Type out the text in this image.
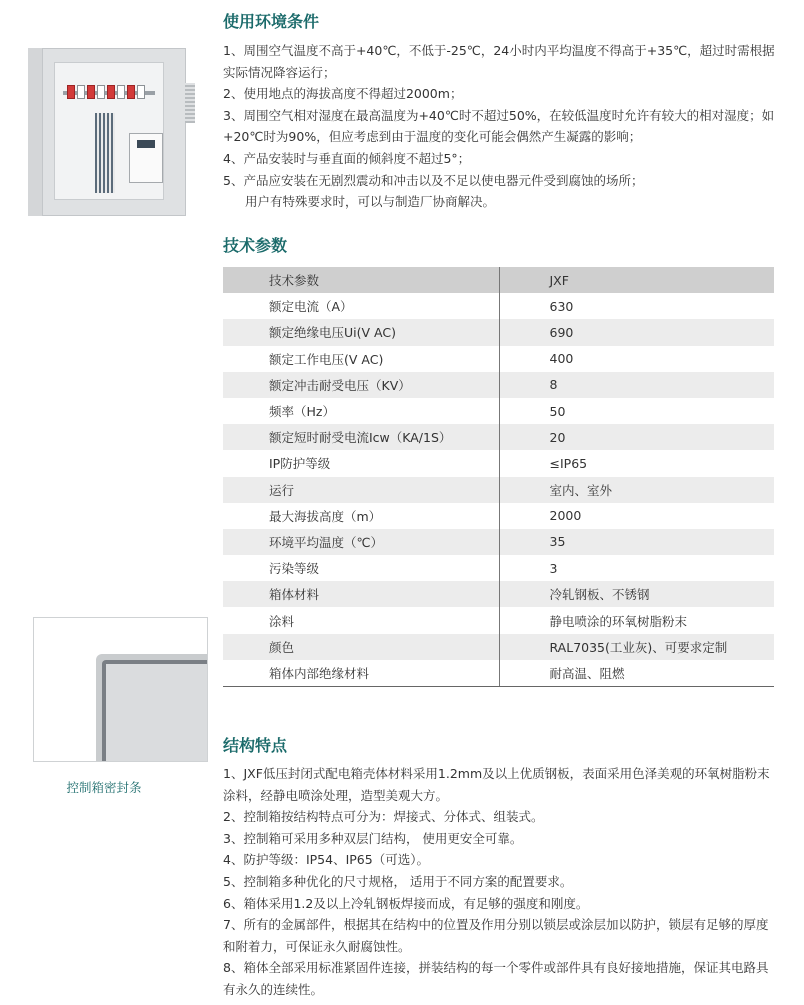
控制箱密封条
使用环境条件

1、周围空气温度不高于+40℃，不低于-25℃，24小时内平均温度不得高于+35℃，超过时需根据实际情况降容运行；

2、使用地点的海拔高度不得超过2000m；

3、周围空气相对湿度在最高温度为+40℃时不超过50%，在较低温度时允许有较大的相对湿度；如+20℃时为90%，但应考虑到由于温度的变化可能会偶然产生凝露的影响；

4、产品安装时与垂直面的倾斜度不超过5°；

5、产品应安装在无剧烈震动和冲击以及不足以使电器元件受到腐蚀的场所；

用户有特殊要求时，可以与制造厂协商解决。

技术参数
技术参数	JXF
额定电流（A）	630
额定绝缘电压Ui(V AC)	690
额定工作电压(V AC)	400
额定冲击耐受电压（KV）	8
频率（Hz）	50
额定短时耐受电流Icw（KA/1S）	20
IP防护等级	≤IP65
运行	室内、室外
最大海拔高度（m）	2000
环境平均温度（℃）	35
污染等级	3
箱体材料	冷轧钢板、不锈钢
涂料	静电喷涂的环氧树脂粉末
颜色	RAL7035(工业灰)、可要求定制
箱体内部绝缘材料	耐高温、阻燃
结构特点

1、JXF低压封闭式配电箱壳体材料采用1.2mm及以上优质钢板，表面采用色泽美观的环氧树脂粉末涂料，经静电喷涂处理，造型美观大方。

2、控制箱按结构特点可分为：焊接式、分体式、组装式。

3、控制箱可采用多种双层门结构， 使用更安全可靠。

4、防护等级：IP54、IP65（可选）。

5、控制箱多种优化的尺寸规格， 适用于不同方案的配置要求。

6、箱体采用1.2及以上冷轧钢板焊接而成，有足够的强度和刚度。

7、所有的金属部件，根据其在结构中的位置及作用分别以锁层或涂层加以防护，锁层有足够的厚度和附着力，可保证永久耐腐蚀性。

8、箱体全部采用标准紧固件连接，拼装结构的每一个零件或部件具有良好接地措施，保证其电路具有永久的连续性。
